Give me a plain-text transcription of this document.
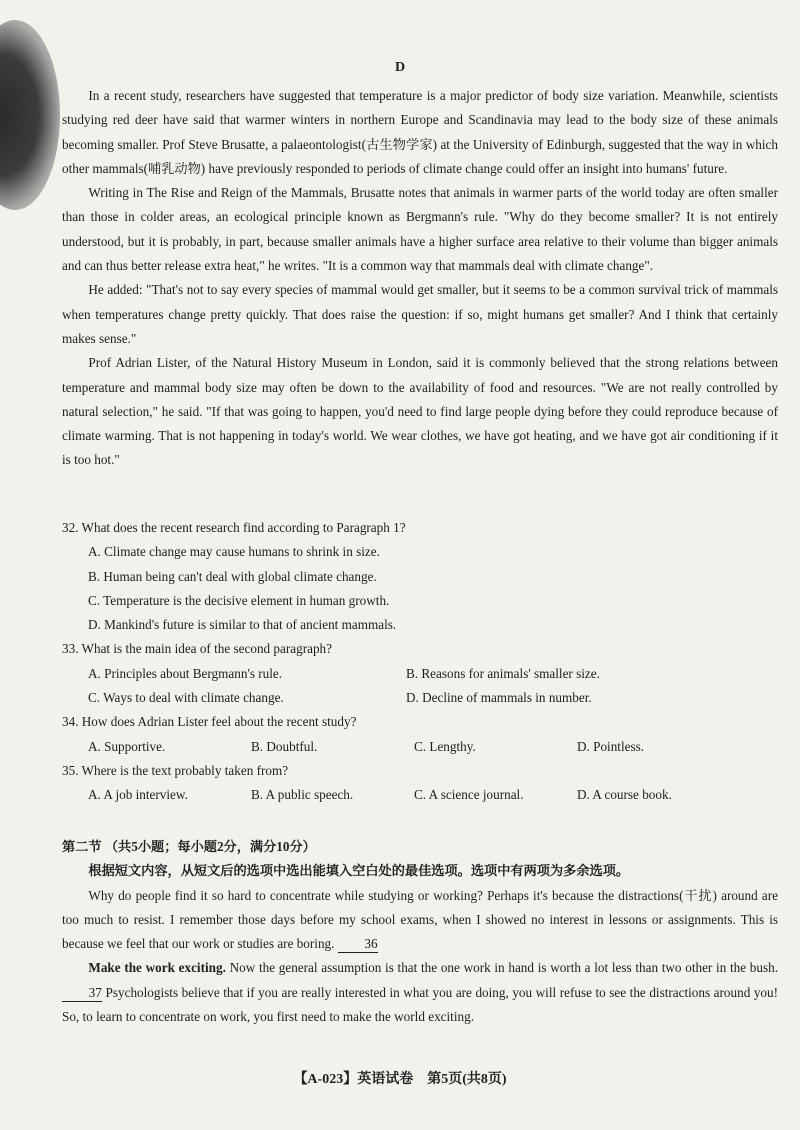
D

In a recent study, researchers have suggested that temperature is a major predictor of body size variation. Meanwhile, scientists studying red deer have said that warmer winters in northern Europe and Scandinavia may lead to the body size of these animals becoming smaller. Prof Steve Brusatte, a palaeontologist(古生物学家) at the University of Edinburgh, suggested that the way in which other mammals(哺乳动物) have previously responded to periods of climate change could offer an insight into humans' future.

Writing in The Rise and Reign of the Mammals, Brusatte notes that animals in warmer parts of the world today are often smaller than those in colder areas, an ecological principle known as Bergmann's rule. "Why do they become smaller? It is not entirely understood, but it is probably, in part, because smaller animals have a higher surface area relative to their volume than bigger animals and can thus better release extra heat," he writes. "It is a common way that mammals deal with climate change".

He added: "That's not to say every species of mammal would get smaller, but it seems to be a common survival trick of mammals when temperatures change pretty quickly. That does raise the question: if so, might humans get smaller? And I think that certainly makes sense."

Prof Adrian Lister, of the Natural History Museum in London, said it is commonly believed that the strong relations between temperature and mammal body size may often be down to the availability of food and resources. "We are not really controlled by natural selection," he said. "If that was going to happen, you'd need to find large people dying before they could reproduce because of climate warming. That is not happening in today's world. We wear clothes, we have got heating, and we have got air conditioning if it is too hot."

32. What does the recent research find according to Paragraph 1?

A. Climate change may cause humans to shrink in size.
B. Human being can't deal with global climate change.
C. Temperature is the decisive element in human growth.
D. Mankind's future is similar to that of ancient mammals.

33. What is the main idea of the second paragraph?

A. Principles about Bergmann's rule.	B. Reasons for animals' smaller size.
C. Ways to deal with climate change.	D. Decline of mammals in number.

34. How does Adrian Lister feel about the recent study?

A. Supportive.	B. Doubtful.	C. Lengthy.	D. Pointless.

35. Where is the text probably taken from?

A. A job interview.	B. A public speech.	C. A science journal.	D. A course book.

第二节 （共5小题；每小题2分，满分10分）

根据短文内容，从短文后的选项中选出能填入空白处的最佳选项。选项中有两项为多余选项。

Why do people find it so hard to concentrate while studying or working? Perhaps it's because the distractions(干扰) around are too much to resist. I remember those days before my school exams, when I showed no interest in lessons or assignments. This is because we feel that our work or studies are boring. 36

Make the work exciting. Now the general assumption is that the one work in hand is worth a lot less than two other in the bush. 37 Psychologists believe that if you are really interested in what you are doing, you will refuse to see the distractions around you! So, to learn to concentrate on work, you first need to make the world exciting.

【A-023】英语试卷　第5页(共8页)
